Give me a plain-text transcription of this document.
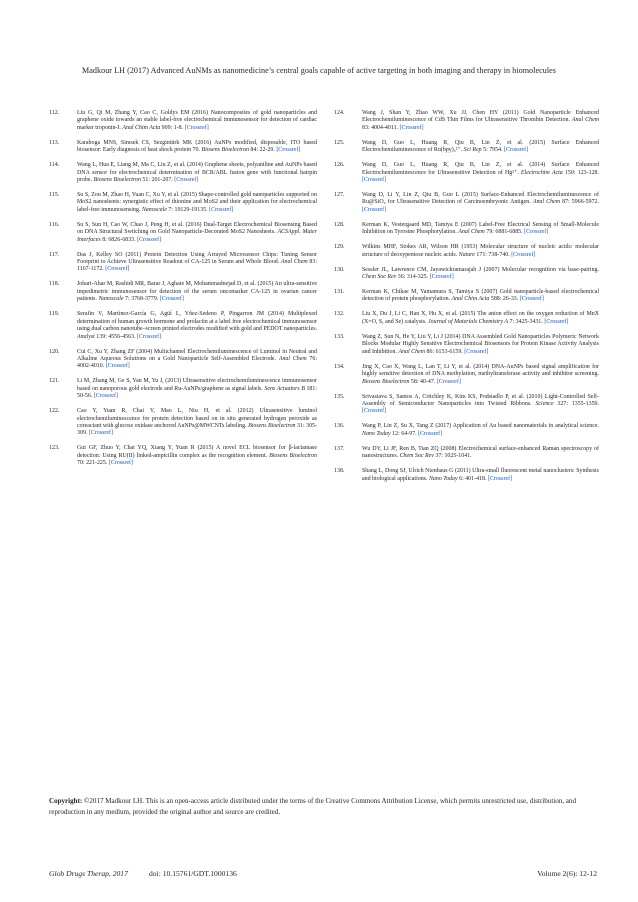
Madkour LH (2017) Advanced AuNMs as nanomedicine’s central goals capable of active targeting in both imaging and therapy in biomolecules
112.	Liu G, Qi M, Zhang Y, Cao C, Goldys EM (2016) Nanocomposites of gold nanoparticles and graphene oxide towards an stable label-free electrochemical immunosensor for detection of cardiac marker troponin-I. Anal Chim Acta 909: 1-8. [Crossref]
113.	Karaboga MNS, Simsek CS, Sezgintürk MK (2016) AuNPs modified, disposable, ITO based biosensor: Early diagnosis of heat shock protein 70. Biosens Bioelectron 84: 22-29. [Crossref]
114.	Wang L, Hua E, Liang M, Ma C, Liu Z, et al. (2014) Graphene sheets, polyaniline and AuNPs based DNA sensor for electrochemical determination of BCR/ABL fusion gene with functional hairpin probe. Biosens Bioelectron 51: 201-207. [Crossref]
115.	Su S, Zou M, Zhao H, Yuan C, Xu Y, et al. (2015) Shape-controlled gold nanoparticles supported on MoS2 nanosheets: synergistic effect of thionine and MoS2 and their application for electrochemical label-free immunosensing. Nanoscale 7: 19129-19135. [Crossref]
116.	Su S, Sun H, Cao W, Chao J, Peng H, et al. (2016) Dual-Target Electrochemical Biosensing Based on DNA Structural Switching on Gold Nanoparticle-Decorated MoS2 Nanosheets. ACSAppl. Mater Interfaces 8: 6826-6833. [Crossref]
117.	Das J, Kelley SO (2011) Protein Detection Using Arrayed Microsensor Chips: Tuning Sensor Footprint to Achieve Ultrasensitive Readout of CA-125 in Serum and Whole Blood. Anal Chem 83: 1167-1172. [Crossref]
118.	Johari-Ahar M, Rashidi MR, Barar J, Aghaie M, Mohammadnejad D, et al. (2015) An ultra-sensitive impedimetric immunosensor for detection of the serum oncomarker CA-125 in ovarian cancer patients. Nanoscale 7: 3768-3779. [Crossref]
119.	Serafin V, Martínez-García G, Agüí L, Yñez-Sedeno P, Pingarron JM (2014) Multiplexed determination of human growth hormone and prolactin at a label free electrochemical immunosensor using dual carbon nanotube–screen printed electrodes modified with gold and PEDOT nanoparticles. Analyst 139: 4556-4563. [Crossref]
120.	Cui C, Xu Y, Zhang ZF (2004) Multichannel Electrochemiluminescence of Luminol in Neutral and Alkaline Aqueous Solutions on a Gold Nanoparticle Self-Assembled Electrode. Anal Chem 76: 4002-4010. [Crossref]
121.	Li M, Zhang M, Ge S, Yan M, Yu J, (2013) Ultrasensitive electrochemiluminescence immunosensor based on nanoporous gold electrode and Ru-AuNPs/graphene as signal labels. Sens Actuators B 181: 50-56. [Crossref]
122.	Cao Y, Yuan R, Chai Y, Mao L, Niu H, et al. (2012) Ultrasensitive luminol electrochemiluminescence for protein detection based on in situ generated hydrogen peroxide as coreactant with glucose oxidase anchored AuNPs@MWCNTs labeling. Biosens Bioelectron 31: 305-309. [Crossref]
123.	Gui GF, Zhuo Y, Chai YQ, Xiang Y, Yuan R (2015) A novel ECL biosensor for β-lactamase detection: Using RU(II) linked-ampicillin complex as the recognition element. Biosens Bioelectron 70: 221-225. [Crossref]
124.	Wang J, Shan Y, Zhao WW, Xu JJ, Chen HY (2011) Gold Nanoparticle Enhanced Electrochemiluminescence of CdS Thin Films for Ultrasensitive Thrombin Detection. Anal Chem 83: 4004-4011. [Crossref]
125.	Wang D, Guo L, Huang R, Qiu B, Lin Z, et al. (2015) Surface Enhanced Electrochemiluminescence of Ru(bpy)₃²⁺. Sci Rep 5: 7954. [Crossref]
126.	Wang D, Guo L, Huang R, Qiu B, Lin Z, et al. (2014) Surface Enhanced Electrochemiluminescence for Ultrasensitive Detection of Hg²⁺. Electrochim Acta 150: 123-128. [Crossref]
127.	Wang D, Li Y, Lin Z, Qiu B, Guo L (2015) Surface-Enhanced Electrochemiluminescence of Ru@SiO₂ for Ultrasensitive Detection of Carcinoembryonic Antigen. Anal Chem 87: 5966-5972. [Crossref]
128.	Kerman K, Vestergaard MD, Tamiya E (2007) Label-Free Electrical Sensing of Small-Molecule Inhibition on Tyrosine Phosphorylation. Anal Chem 79: 6881-6885. [Crossref]
129.	Wilkins MHF, Stokes AR, Wilson HR (1953) Molecular structure of nucleic acids: molecular structure of deoxypentose nucleic acids. Nature 171: 738-740. [Crossref]
130.	Sessler JL, Lawrence CM, Jayawickramarajah J (2007) Molecular recognition via base-pairing. Chem Soc Rev 36: 314-325. [Crossref]
131.	Kerman K, Chikae M, Yamamura S, Tamiya S (2007) Gold nanoparticle-based electrochemical detection of protein phosphorylation. Anal Chim Acta 588: 26-33. [Crossref]
132.	Liu X, Du J, Li C, Han X, Hu X, et al. (2015) The anion effect on the oxygen reduction of MnX (X=O, S, and Se) catalysts. Journal of Materials Chemistry A 7: 3425-3431. [Crossref]
133.	Wang Z, Sun N, He Y, Liu Y, Li J (2014) DNA Assembled Gold Nanoparticles Polymeric Network Blocks Modular Highly Sensitive Electrochemical Biosensors for Protein Kinase Activity Analysis and Inhibition. Anal Chem 86: 6153-6159. [Crossref]
134.	Jing X, Cao X, Wang L, Lan T, Li Y, et al. (2014) DNA-AuNPs based signal amplification for highly sensitive detection of DNA methylation, methyltransferase activity and inhibitor screening. Biosens Bioelectron 58: 40-47. [Crossref]
135.	Srivastava S, Santos A, Critchley K, Kim KS, Podsiadlo P, et al. (2010) Light-Controlled Self-Assembly of Semiconductor Nanoparticles into Twisted Ribbons. Science 327: 1355-1359. [Crossref]
136.	Wang P, Lin Z, Su X, Tang Z (2017) Application of Au based nanomaterials in analytical science. Nano Today 12: 64-97. [Crossref]
137.	Wu DY, Li JF, Ren B, Tian ZQ (2008) Electrochemical surface-enhanced Raman spectroscopy of nanostructures. Chem Soc Rev 37: 1025-1041.
138.	Shang L, Dong SJ, Ulrich Nienhaus G (2011) Ultra-small fluorescent metal nanoclusters: Synthesis and biological applications. Nano Today 6: 401-418. [Crossref]
Copyright: ©2017 Madkour LH. This is an open-access article distributed under the terms of the Creative Commons Attribution License, which permits unrestricted use, distribution, and reproduction in any medium, provided the original author and source are credited.
Glob Drugs Therap, 2017	doi: 10.15761/GDT.1000136	Volume 2(6): 12-12
